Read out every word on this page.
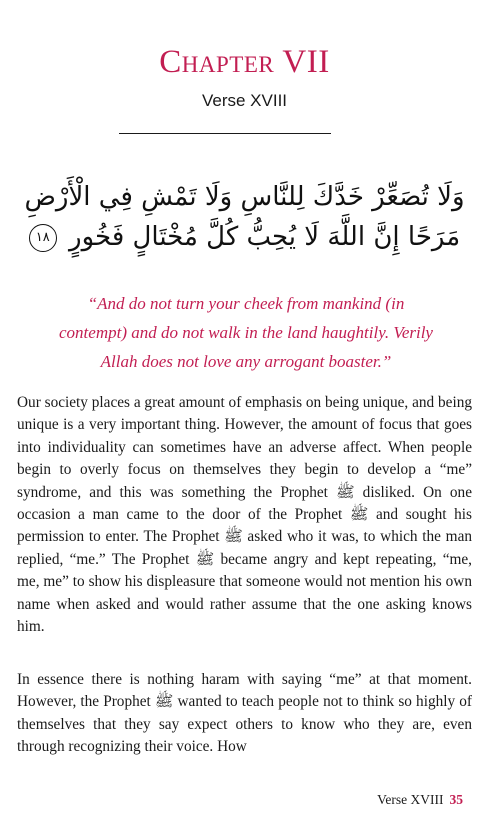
Chapter VII
Verse XVIII
وَلَا تُصَعِّرْ خَدَّكَ لِلنَّاسِ وَلَا تَمْشِ فِي الْأَرْضِ
مَرَحًا إِنَّ اللَّهَ لَا يُحِبُّ كُلَّ مُخْتَالٍ فَخُورٍ ١٨
“And do not turn your cheek from mankind (in contempt) and do not walk in the land haughtily. Verily Allah does not love any arrogant boaster.”

Our society places a great amount of emphasis on being unique, and being unique is a very important thing. However, the amount of focus that goes into individuality can sometimes have an adverse affect. When people begin to overly focus on themselves they begin to develop a “me” syndrome, and this was something the Prophet ﷺ disliked. On one occasion a man came to the door of the Prophet ﷺ and sought his permission to enter. The Prophet ﷺ asked who it was, to which the man replied, “me.” The Prophet ﷺ became angry and kept repeating, “me, me, me” to show his displeasure that someone would not mention his own name when asked and would rather assume that the one asking knows him.

In essence there is nothing haram with saying “me” at that moment. However, the Prophet ﷺ wanted to teach people not to think so highly of themselves that they say expect others to know who they are, even through recognizing their voice. How

Verse XVIII 35
